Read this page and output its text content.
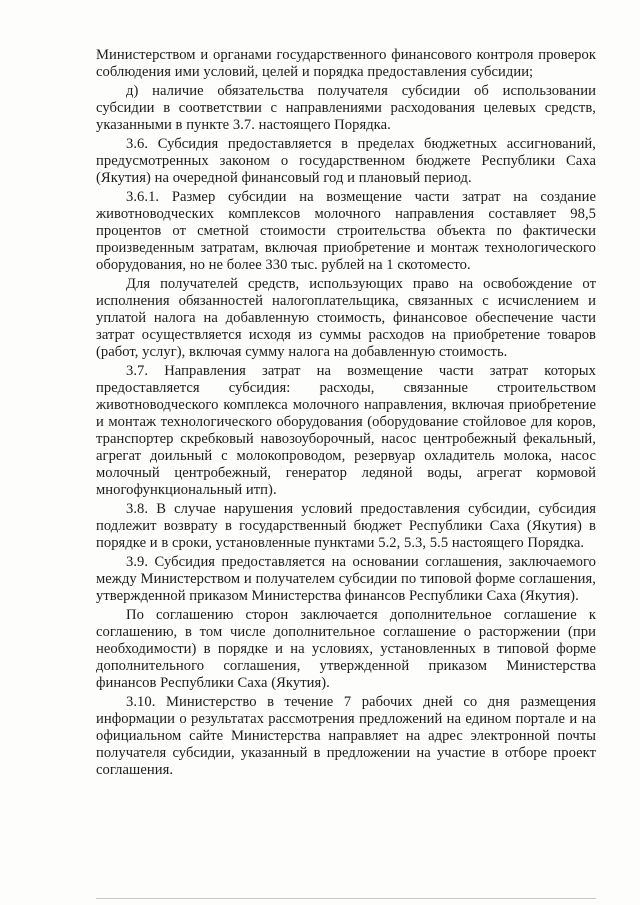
Министерством и органами государственного финансового контроля проверок соблюдения ими условий, целей и порядка предоставления субсидии;

д) наличие обязательства получателя субсидии об использовании субсидии в соответствии с направлениями расходования целевых средств, указанными в пункте 3.7. настоящего Порядка.

3.6. Субсидия предоставляется в пределах бюджетных ассигнований, предусмотренных законом о государственном бюджете Республики Саха (Якутия) на очередной финансовый год и плановый период.

3.6.1. Размер субсидии на возмещение части затрат на создание животноводческих комплексов молочного направления составляет 98,5 процентов от сметной стоимости строительства объекта по фактически произведенным затратам, включая приобретение и монтаж технологического оборудования, но не более 330 тыс. рублей на 1 скотоместо.

Для получателей средств, использующих право на освобождение от исполнения обязанностей налогоплательщика, связанных с исчислением и уплатой налога на добавленную стоимость, финансовое обеспечение части затрат осуществляется исходя из суммы расходов на приобретение товаров (работ, услуг), включая сумму налога на добавленную стоимость.

3.7. Направления затрат на возмещение части затрат которых предоставляется субсидия: расходы, связанные строительством животноводческого комплекса молочного направления, включая приобретение и монтаж технологического оборудования (оборудование стойловое для коров, транспортер скребковый навозоуборочный, насос центробежный фекальный, агрегат доильный с молокопроводом, резервуар охладитель молока, насос молочный центробежный, генератор ледяной воды, агрегат кормовой многофункциональный итп).

3.8. В случае нарушения условий предоставления субсидии, субсидия подлежит возврату в государственный бюджет Республики Саха (Якутия) в порядке и в сроки, установленные пунктами 5.2, 5.3, 5.5 настоящего Порядка.

3.9. Субсидия предоставляется на основании соглашения, заключаемого между Министерством и получателем субсидии по типовой форме соглашения, утвержденной приказом Министерства финансов Республики Саха (Якутия).

По соглашению сторон заключается дополнительное соглашение к соглашению, в том числе дополнительное соглашение о расторжении (при необходимости) в порядке и на условиях, установленных в типовой форме дополнительного соглашения, утвержденной приказом Министерства финансов Республики Саха (Якутия).

3.10. Министерство в течение 7 рабочих дней со дня размещения информации о результатах рассмотрения предложений на едином портале и на официальном сайте Министерства направляет на адрес электронной почты получателя субсидии, указанный в предложении на участие в отборе проект соглашения.
